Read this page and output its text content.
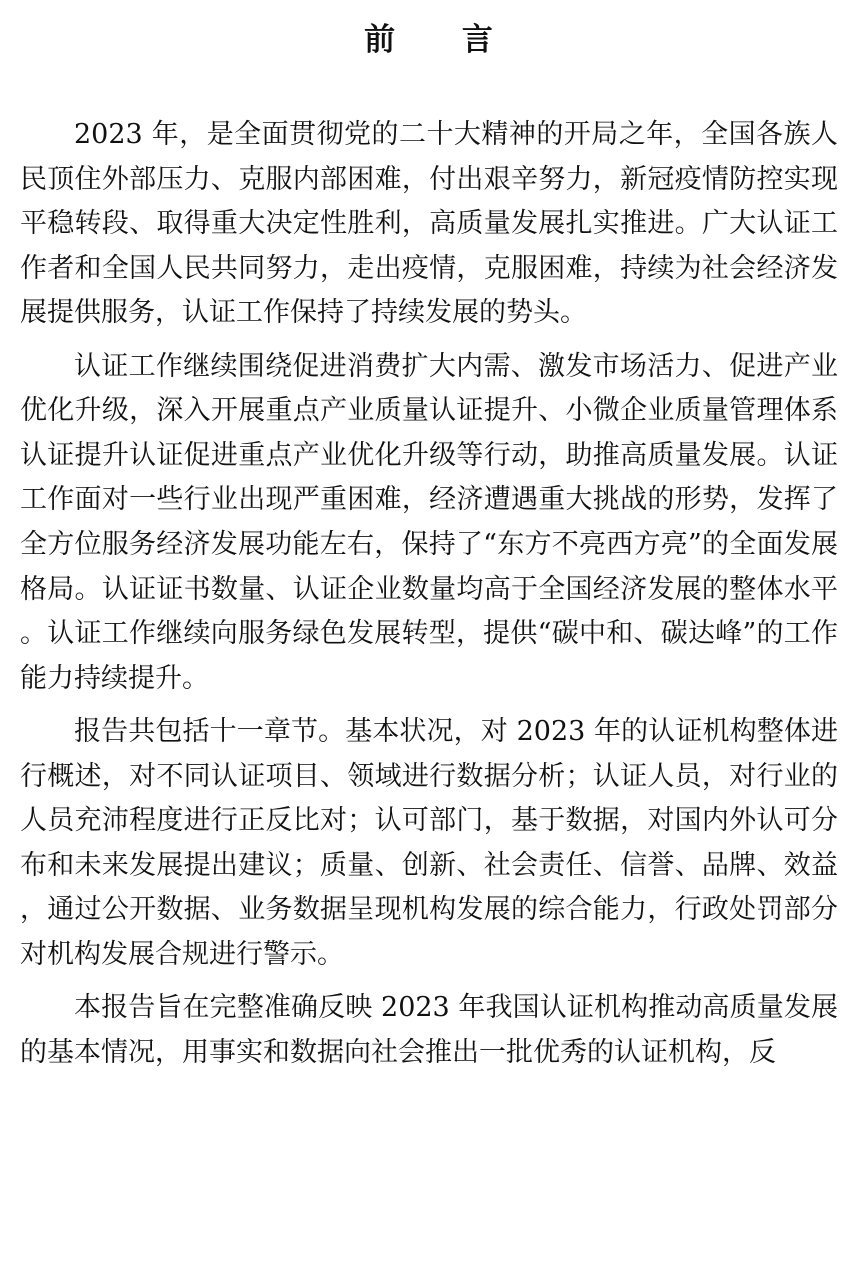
前 言

2023 年，是全面贯彻党的二十大精神的开局之年，全国各族人民顶住外部压力、克服内部困难，付出艰辛努力，新冠疫情防控实现平稳转段、取得重大决定性胜利，高质量发展扎实推进。广大认证工作者和全国人民共同努力，走出疫情，克服困难，持续为社会经济发展提供服务，认证工作保持了持续发展的势头。

认证工作继续围绕促进消费扩大内需、激发市场活力、促进产业优化升级，深入开展重点产业质量认证提升、小微企业质量管理体系认证提升认证促进重点产业优化升级等行动，助推高质量发展。认证工作面对一些行业出现严重困难，经济遭遇重大挑战的形势，发挥了全方位服务经济发展功能左右，保持了“东方不亮西方亮”的全面发展格局。认证证书数量、认证企业数量均高于全国经济发展的整体水平。认证工作继续向服务绿色发展转型，提供“碳中和、碳达峰”的工作能力持续提升。

报告共包括十一章节。基本状况，对 2023 年的认证机构整体进行概述，对不同认证项目、领域进行数据分析；认证人员，对行业的人员充沛程度进行正反比对；认可部门，基于数据，对国内外认可分布和未来发展提出建议；质量、创新、社会责任、信誉、品牌、效益，通过公开数据、业务数据呈现机构发展的综合能力，行政处罚部分对机构发展合规进行警示。

本报告旨在完整准确反映 2023 年我国认证机构推动高质量发展的基本情况，用事实和数据向社会推出一批优秀的认证机构，反
